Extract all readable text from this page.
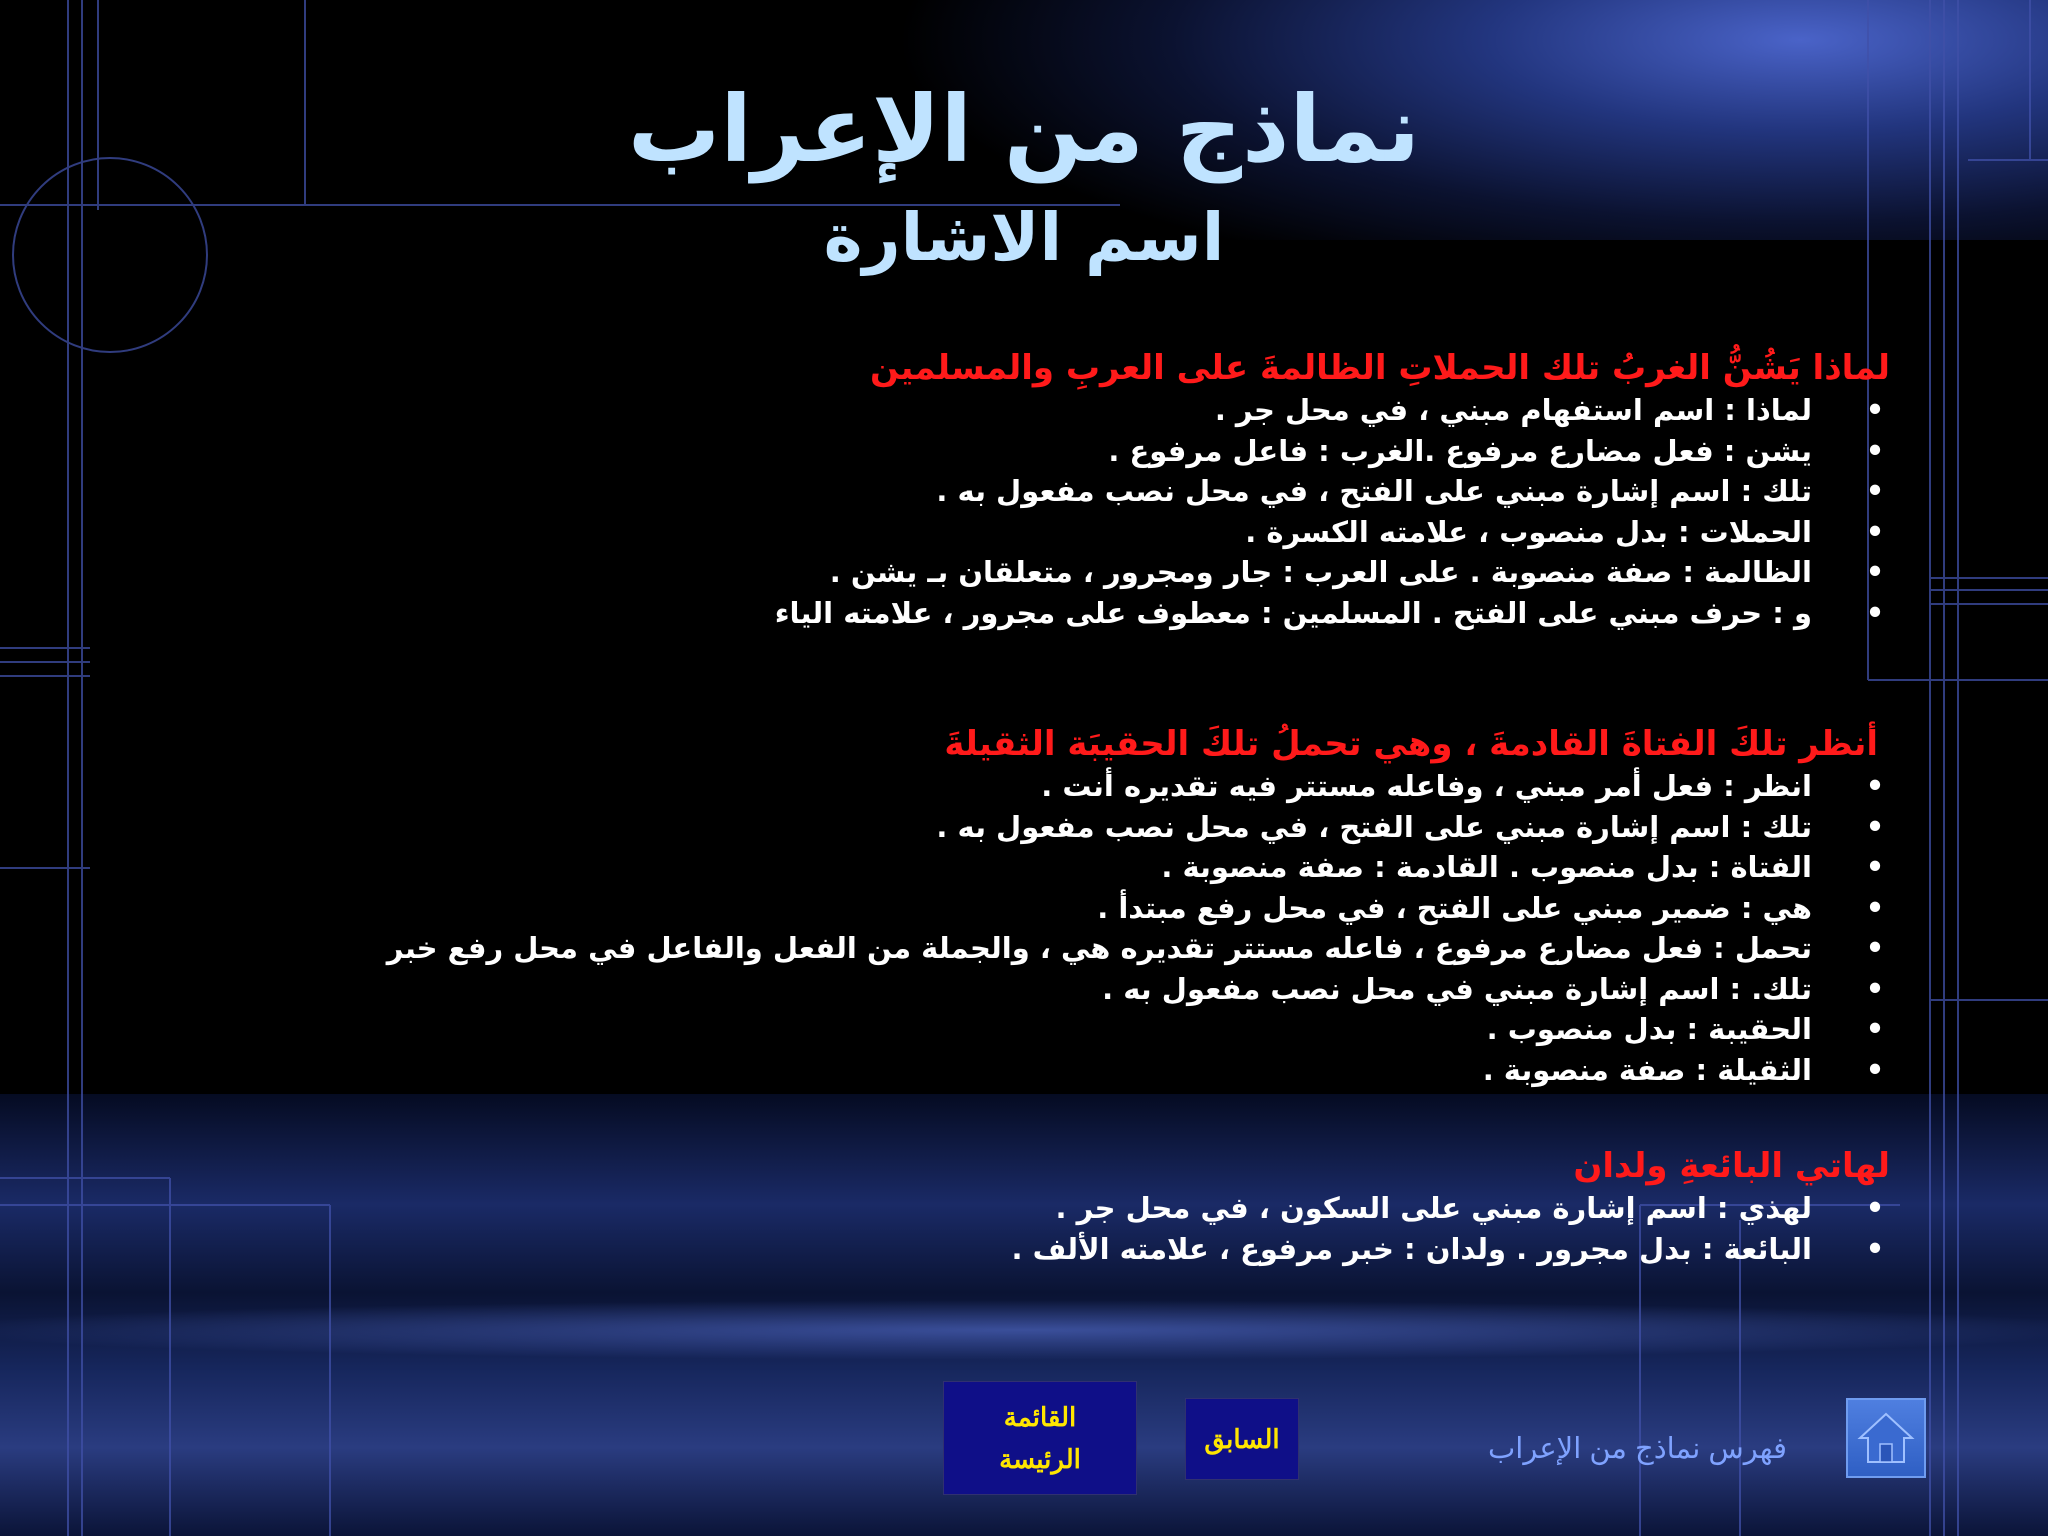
نماذج من الإعراب
اسم الاشارة
لماذا يَشُنُّ الغربُ تلك الحملاتِ الظالمةَ على العربِ والمسلمين
•
لماذا : اسم استفهام مبني ، في محل جر .
•
يشن : فعل مضارع مرفوع .الغرب : فاعل مرفوع .
•
تلك : اسم إشارة مبني على الفتح ، في محل نصب مفعول به .
•
الحملات : بدل منصوب ، علامته الكسرة .
•
الظالمة : صفة منصوبة . على العرب : جار ومجرور ، متعلقان بـ يشن .
•
و : حرف مبني على الفتح . المسلمين : معطوف على مجرور ، علامته الياء
أنظر تلكَ الفتاةَ القادمةَ ، وهي تحملُ تلكَ الحقيبَة الثقيلةَ
•
انظر : فعل أمر مبني ، وفاعله مستتر فيه تقديره أنت .
•
تلك : اسم إشارة مبني على الفتح ، في محل نصب مفعول به .
•
الفتاة : بدل منصوب . القادمة : صفة منصوبة .
•
هي : ضمير مبني على الفتح ، في محل رفع مبتدأ .
•
تحمل : فعل مضارع مرفوع ، فاعله مستتر تقديره هي ، والجملة من الفعل والفاعل في محل رفع خبر
•
تلك. : اسم إشارة مبني في محل نصب مفعول به .
•
الحقيبة : بدل منصوب .
•
الثقيلة : صفة منصوبة .
لهاتي البائعةِ ولدان
•
لهذي : اسم إشارة مبني على السكون ، في محل جر .
•
البائعة : بدل مجرور . ولدان : خبر مرفوع ، علامته الألف .
القائمة
الرئيسة
السابق	فهرس نماذج من الإعراب
